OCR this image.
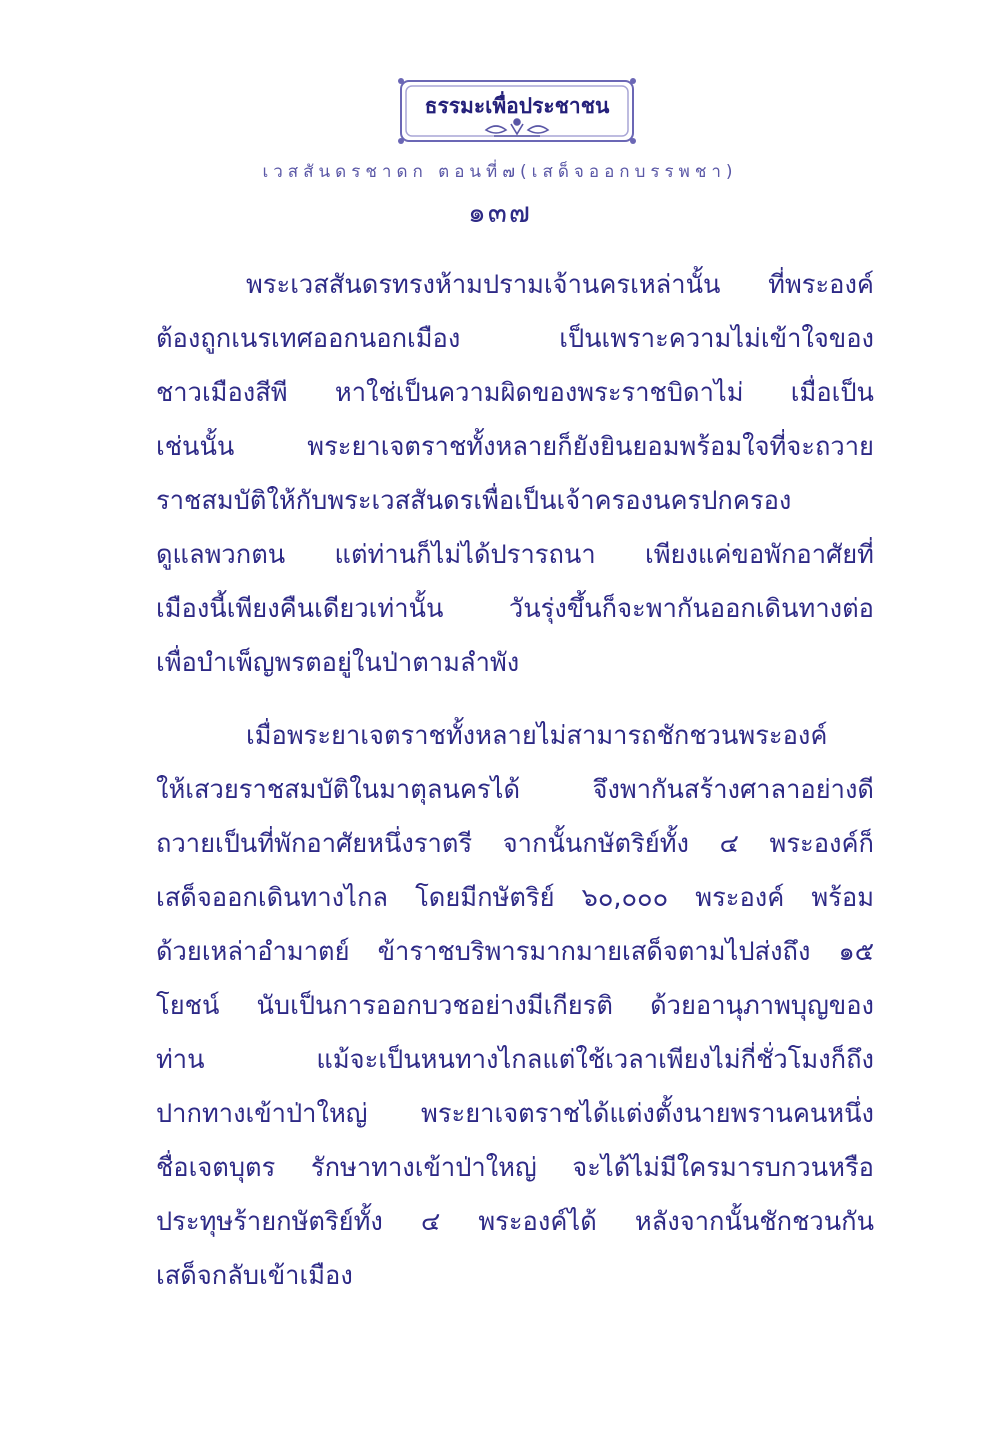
ธรรมะเพื่อประชาชน
เวสสันดรชาดก ตอนที่๗(เสด็จออกบรรพชา)
๑๓๗
พระเวสสันดรทรงห้ามปรามเจ้านครเหล่านั้น ที่พระองค์
ต้องถูกเนรเทศออกนอกเมือง เป็นเพราะความไม่เข้าใจของ
ชาวเมืองสีพี หาใช่เป็นความผิดของพระราชบิดาไม่ เมื่อเป็น
เช่นนั้น พระยาเจตราชทั้งหลายก็ยังยินยอมพร้อมใจที่จะถวาย
ราชสมบัติให้กับพระเวสสันดรเพื่อเป็นเจ้าครองนครปกครอง
ดูแลพวกตน แต่ท่านก็ไม่ได้ปรารถนา เพียงแค่ขอพักอาศัยที่
เมืองนี้เพียงคืนเดียวเท่านั้น วันรุ่งขึ้นก็จะพากันออกเดินทางต่อ
เพื่อบำเพ็ญพรตอยู่ในป่าตามลำพัง
เมื่อพระยาเจตราชทั้งหลายไม่สามารถชักชวนพระองค์
ให้เสวยราชสมบัติในมาตุลนครได้ จึงพากันสร้างศาลาอย่างดี
ถวายเป็นที่พักอาศัยหนึ่งราตรี จากนั้นกษัตริย์ทั้ง ๔ พระองค์ก็
เสด็จออกเดินทางไกล โดยมีกษัตริย์ ๖๐,๐๐๐ พระองค์ พร้อม
ด้วยเหล่าอำมาตย์ ข้าราชบริพารมากมายเสด็จตามไปส่งถึง ๑๕
โยชน์ นับเป็นการออกบวชอย่างมีเกียรติ ด้วยอานุภาพบุญของ
ท่าน แม้จะเป็นหนทางไกลแต่ใช้เวลาเพียงไม่กี่ชั่วโมงก็ถึง
ปากทางเข้าป่าใหญ่ พระยาเจตราชได้แต่งตั้งนายพรานคนหนึ่ง
ชื่อเจตบุตร รักษาทางเข้าป่าใหญ่ จะได้ไม่มีใครมารบกวนหรือ
ประทุษร้ายกษัตริย์ทั้ง ๔ พระองค์ได้ หลังจากนั้นชักชวนกัน
เสด็จกลับเข้าเมือง
